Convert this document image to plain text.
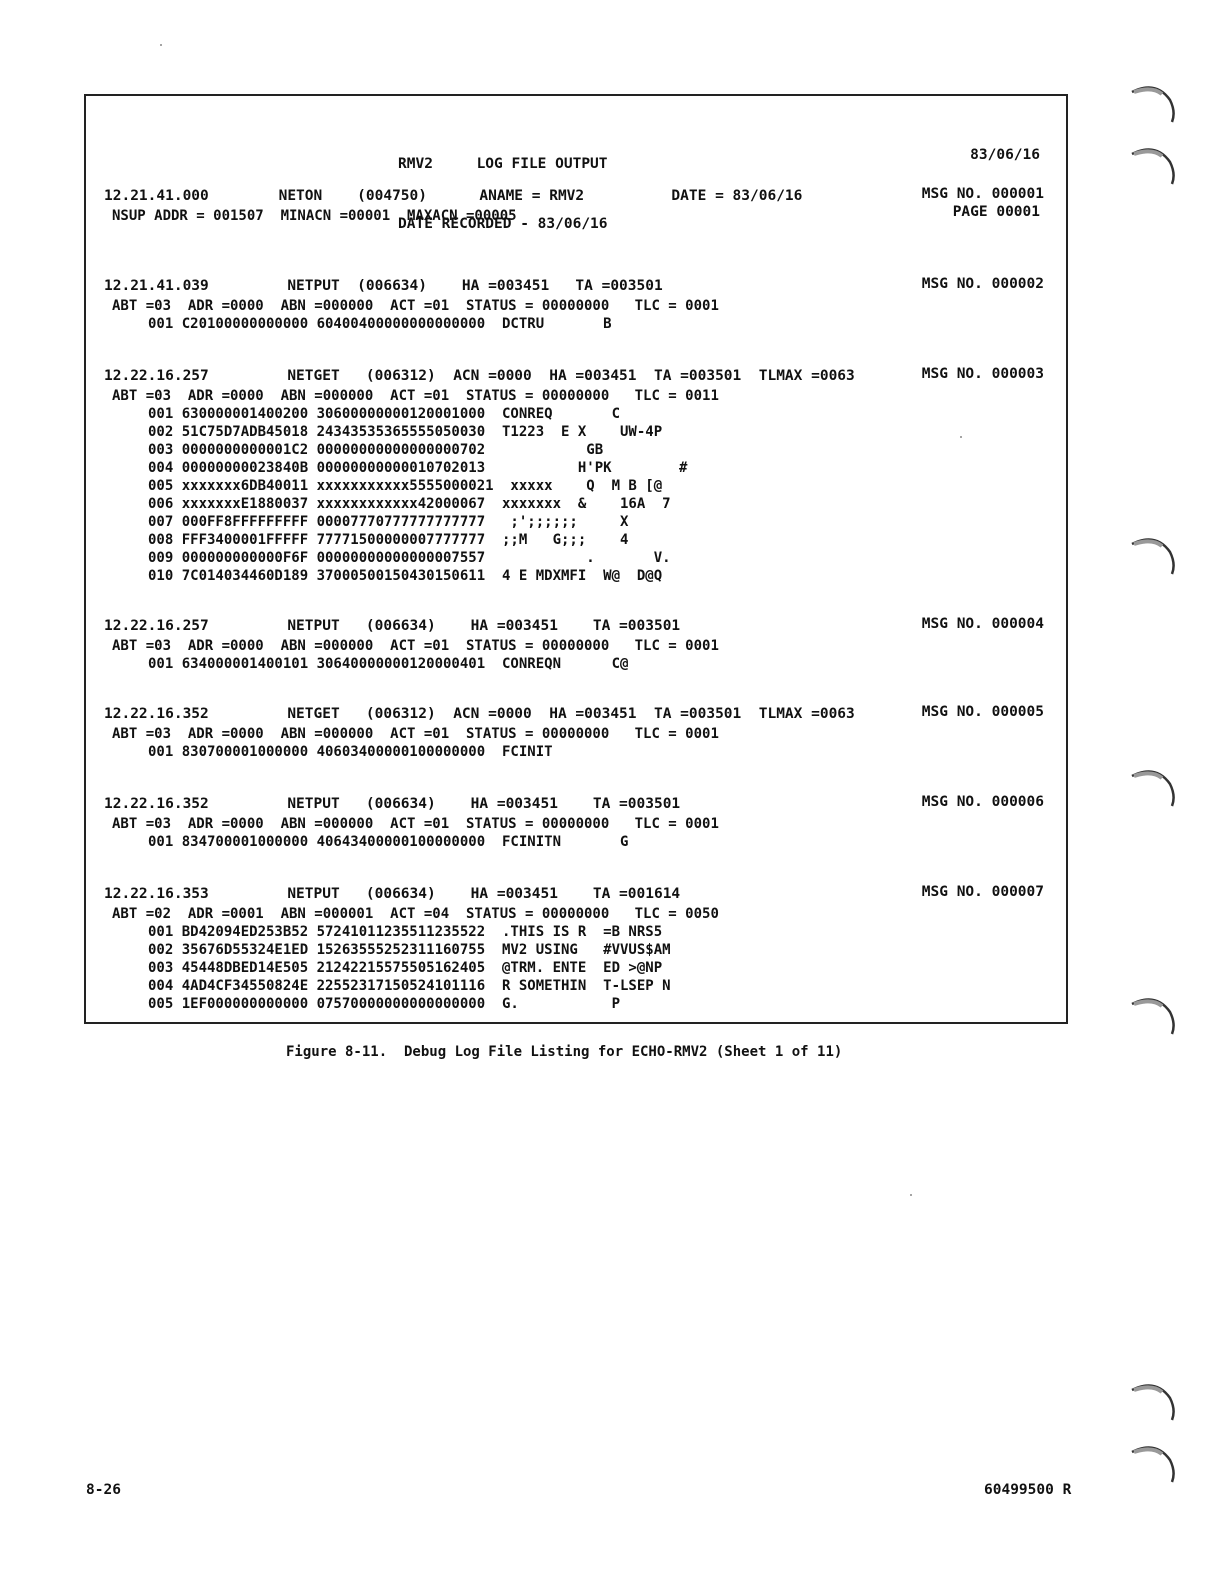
RMV2     LOG FILE OUTPUT

DATE RECORDED - 83/06/16

83/06/16

PAGE 00001

12.21.41.000        NETON    (004750)      ANAME = RMV2          DATE = 83/06/16	MSG NO. 000001
NSUP ADDR = 001507  MINACN =00001  MAXACN =00005
12.21.41.039         NETPUT  (006634)    HA =003451   TA =003501	MSG NO. 000002
ABT =03  ADR =0000  ABN =000000  ACT =01  STATUS = 00000000   TLC = 0001
001 C20100000000000 60400400000000000000  DCTRU       B
12.22.16.257         NETGET   (006312)  ACN =0000  HA =003451  TA =003501  TLMAX =0063	MSG NO. 000003
ABT =03  ADR =0000  ABN =000000  ACT =01  STATUS = 00000000   TLC = 0011
001 630000001400200 30600000000120001000  CONREQ       C
002 51C75D7ADB45018 24343535365555050030  T1223  E X    UW-4P
003 0000000000001C2 00000000000000000702            GB
004 00000000023840B 00000000000010702013           H'PK        #
005 xxxxxxx6DB40011 xxxxxxxxxxx5555000021  xxxxx    Q  M B [@
006 xxxxxxxE1880037 xxxxxxxxxxxx42000067  xxxxxxx  &    16A  7
007 000FF8FFFFFFFFF 00007770777777777777   ;';;;;;;     X
008 FFF3400001FFFFF 77771500000007777777  ;;M   G;;;    4
009 000000000000F6F 00000000000000007557            .       V.
010 7C014034460D189 37000500150430150611  4 E MDXMFI  W@  D@Q
12.22.16.257         NETPUT   (006634)    HA =003451    TA =003501	MSG NO. 000004
ABT =03  ADR =0000  ABN =000000  ACT =01  STATUS = 00000000   TLC = 0001
001 634000001400101 30640000000120000401  CONREQN      C@
12.22.16.352         NETGET   (006312)  ACN =0000  HA =003451  TA =003501  TLMAX =0063	MSG NO. 000005
ABT =03  ADR =0000  ABN =000000  ACT =01  STATUS = 00000000   TLC = 0001
001 830700001000000 40603400000100000000  FCINIT
12.22.16.352         NETPUT   (006634)    HA =003451    TA =003501	MSG NO. 000006
ABT =03  ADR =0000  ABN =000000  ACT =01  STATUS = 00000000   TLC = 0001
001 834700001000000 40643400000100000000  FCINITN       G
12.22.16.353         NETPUT   (006634)    HA =003451    TA =001614	MSG NO. 000007
ABT =02  ADR =0001  ABN =000001  ACT =04  STATUS = 00000000   TLC = 0050
001 BD42094ED253B52 57241011235511235522  .THIS IS R  =B NRS5
002 35676D55324E1ED 15263555252311160755  MV2 USING   #VVUS$AM
003 45448DBED14E505 21242215575505162405  @TRM. ENTE  ED >@NP
004 4AD4CF34550824E 22552317150524101116  R SOMETHIN  T-LSEP N
005 1EF000000000000 07570000000000000000  G.           P
Figure 8-11.  Debug Log File Listing for ECHO-RMV2 (Sheet 1 of 11)
8-26	60499500 R
